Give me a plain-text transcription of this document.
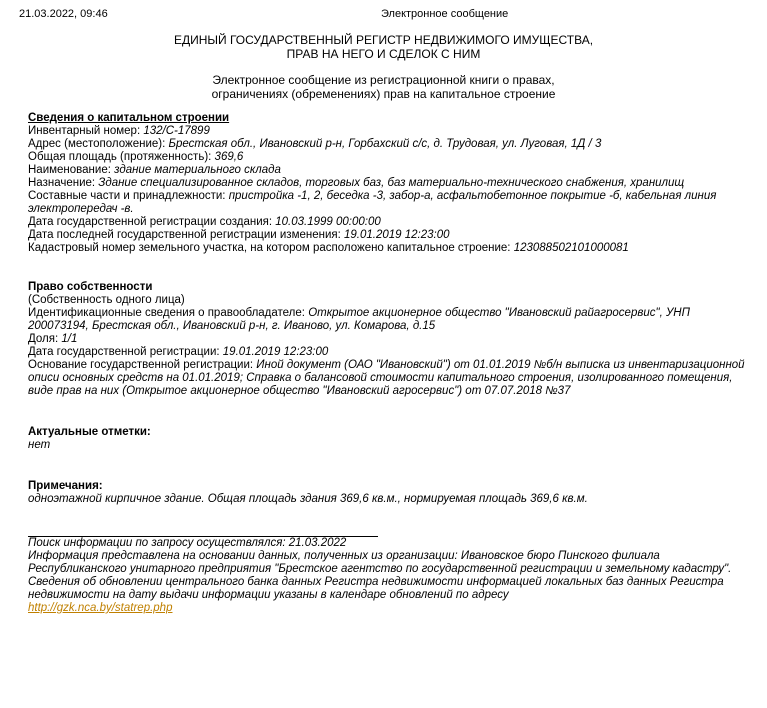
21.03.2022, 09:46	Электронное сообщение
ЕДИНЫЙ ГОСУДАРСТВЕННЫЙ РЕГИСТР НЕДВИЖИМОГО ИМУЩЕСТВА,
ПРАВ НА НЕГО И СДЕЛОК С НИМ
Электронное сообщение из регистрационной книги о правах,
ограничениях (обременениях) прав на капитальное строение
Сведения о капитальном строении
Инвентарный номер: 132/С-17899
Адрес (местоположение): Брестская обл., Ивановский р-н, Горбахский с/с, д. Трудовая, ул. Луговая, 1Д / 3
Общая площадь (протяженность): 369,6
Наименование: здание материального склада
Назначение: Здание специализированное складов, торговых баз, баз материально-технического снабжения, хранилищ
Составные части и принадлежности: пристройка -1, 2, беседка -3, забор-а, асфальтобетонное покрытие -б, кабельная линия электропередач -в.
Дата государственной регистрации создания: 10.03.1999 00:00:00
Дата последней государственной регистрации изменения: 19.01.2019 12:23:00
Кадастровый номер земельного участка, на котором расположено капитальное строение: 123088502101000081
Право собственности
(Собственность одного лица)
Идентификационные сведения о правообладателе: Открытое акционерное общество "Ивановский райагросервис", УНП 200073194, Брестская обл., Ивановский р-н, г. Иваново, ул. Комарова, д.15
Доля: 1/1
Дата государственной регистрации: 19.01.2019 12:23:00
Основание государственной регистрации: Иной документ (ОАО "Ивановский") от 01.01.2019 №б/н выписка из инвентаризационной описи основных средств на 01.01.2019; Справка о балансовой стоимости капитального строения, изолированного помещения, виде прав на них (Открытое акционерное общество "Ивановский агросервис") от 07.07.2018 №37
Актуальные отметки:
нет
Примечания:
одноэтажной кирпичное здание. Общая площадь здания 369,6 кв.м., нормируемая площадь 369,6 кв.м.
Поиск информации по запросу осуществлялся: 21.03.2022
Информация представлена на основании данных, полученных из организации: Ивановское бюро Пинского филиала Республиканского унитарного предприятия "Брестское агентство по государственной регистрации и земельному кадастру".
Сведения об обновлении центрального банка данных Регистра недвижимости информацией локальных баз данных Регистра недвижимости на дату выдачи информации указаны в календаре обновлений по адресу
http://gzk.nca.by/statrep.php
